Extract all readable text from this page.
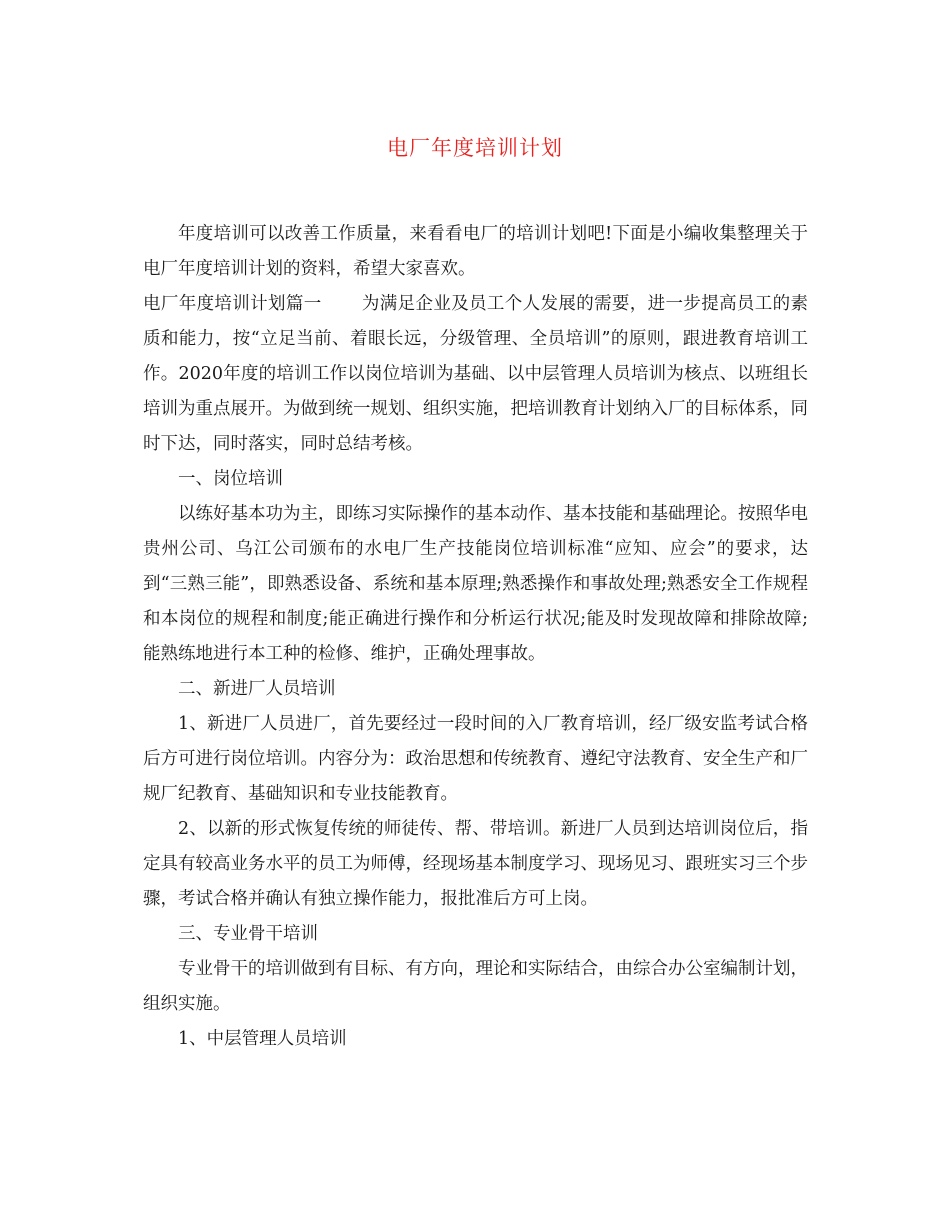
电厂年度培训计划

年度培训可以改善工作质量，来看看电厂的培训计划吧!下面是小编收集整理关于电厂年度培训计划的资料，希望大家喜欢。

电厂年度培训计划篇一 为满足企业及员工个人发展的需要，进一步提高员工的素质和能力，按“立足当前、着眼长远，分级管理、全员培训”的原则，跟进教育培训工作。2020年度的培训工作以岗位培训为基础、以中层管理人员培训为核点、以班组长培训为重点展开。为做到统一规划、组织实施，把培训教育计划纳入厂的目标体系，同时下达，同时落实，同时总结考核。

一、岗位培训

以练好基本功为主，即练习实际操作的基本动作、基本技能和基础理论。按照华电贵州公司、乌江公司颁布的水电厂生产技能岗位培训标准“应知、应会”的要求，达到“三熟三能”，即熟悉设备、系统和基本原理;熟悉操作和事故处理;熟悉安全工作规程和本岗位的规程和制度;能正确进行操作和分析运行状况;能及时发现故障和排除故障;能熟练地进行本工种的检修、维护，正确处理事故。

二、新进厂人员培训

1、新进厂人员进厂，首先要经过一段时间的入厂教育培训，经厂级安监考试合格后方可进行岗位培训。内容分为：政治思想和传统教育、遵纪守法教育、安全生产和厂规厂纪教育、基础知识和专业技能教育。

2、以新的形式恢复传统的师徒传、帮、带培训。新进厂人员到达培训岗位后，指定具有较高业务水平的员工为师傅，经现场基本制度学习、现场见习、跟班实习三个步骤，考试合格并确认有独立操作能力，报批准后方可上岗。

三、专业骨干培训

专业骨干的培训做到有目标、有方向，理论和实际结合，由综合办公室编制计划，组织实施。

1、中层管理人员培训
